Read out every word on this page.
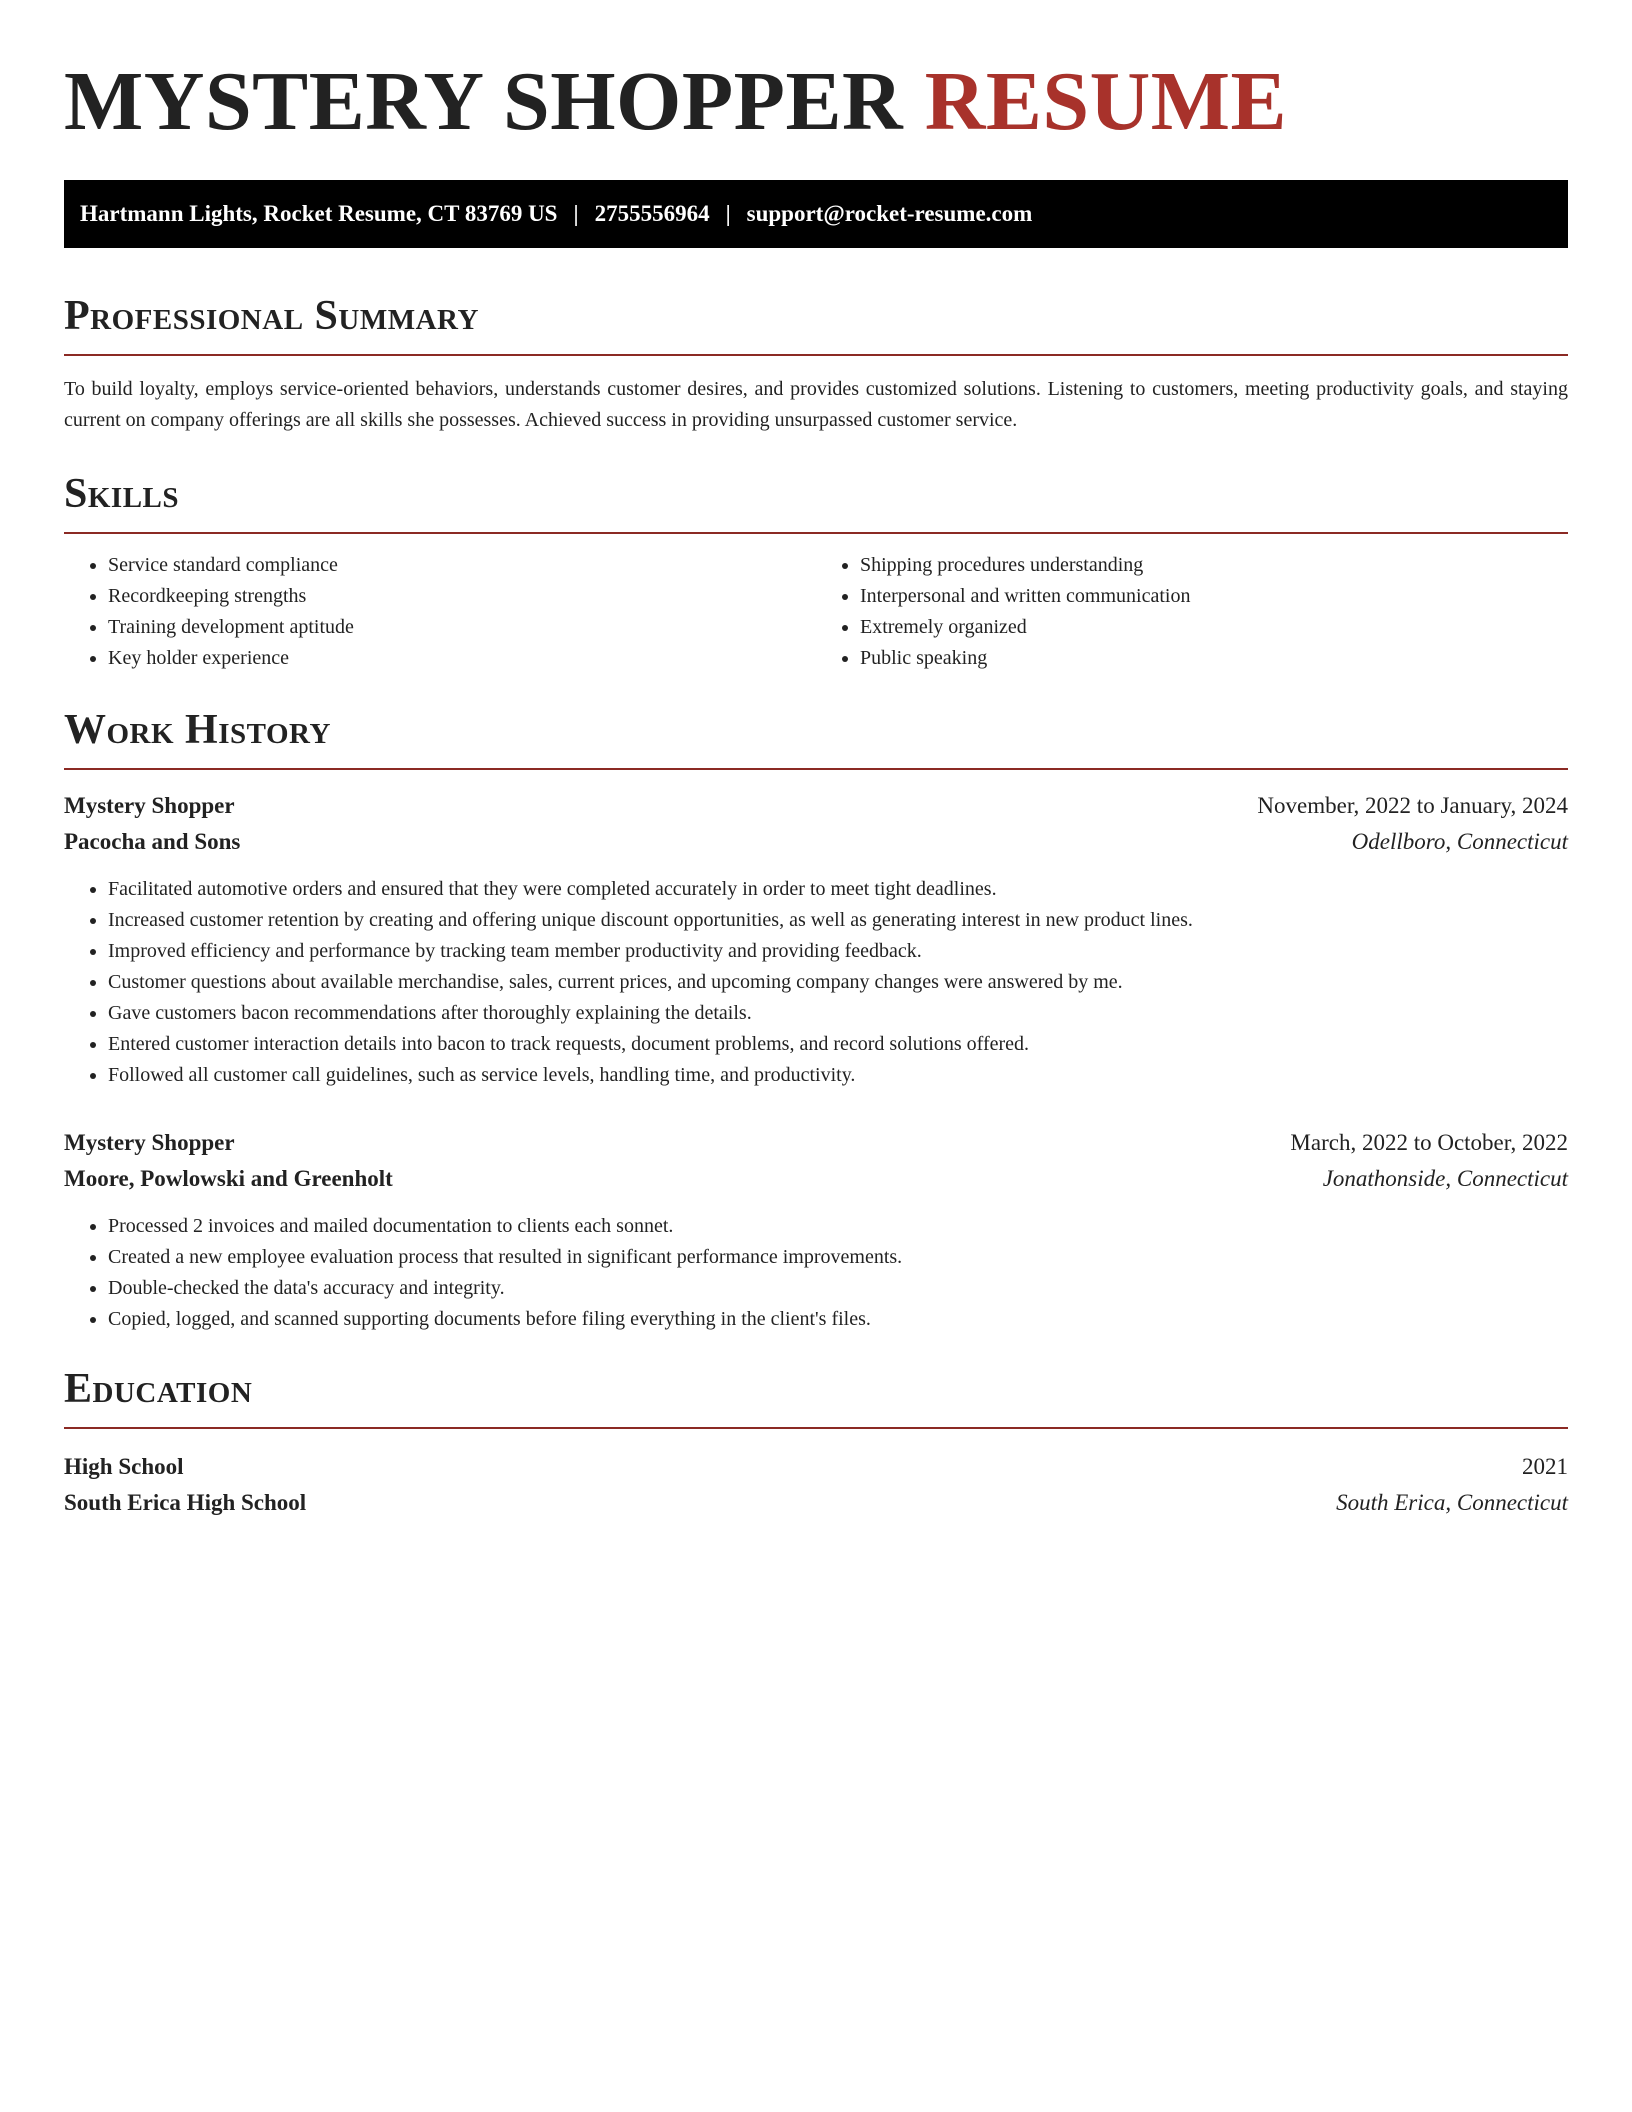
MYSTERY SHOPPER RESUME
Hartmann Lights, Rocket Resume, CT 83769 US | 2755556964 | support@rocket-resume.com
Professional Summary

To build loyalty, employs service-oriented behaviors, understands customer desires, and provides customized solutions. Listening to customers, meeting productivity goals, and staying current on company offerings are all skills she possesses. Achieved success in providing unsurpassed customer service.

Skills
• Service standard compliance
• Recordkeeping strengths
• Training development aptitude
• Key holder experience
• Shipping procedures understanding
• Interpersonal and written communication
• Extremely organized
• Public speaking
Work History
Mystery Shopper	November, 2022 to January, 2024
Pacocha and Sons	Odellboro, Connecticut
• Facilitated automotive orders and ensured that they were completed accurately in order to meet tight deadlines.
• Increased customer retention by creating and offering unique discount opportunities, as well as generating interest in new product lines.
• Improved efficiency and performance by tracking team member productivity and providing feedback.
• Customer questions about available merchandise, sales, current prices, and upcoming company changes were answered by me.
• Gave customers bacon recommendations after thoroughly explaining the details.
• Entered customer interaction details into bacon to track requests, document problems, and record solutions offered.
• Followed all customer call guidelines, such as service levels, handling time, and productivity.
Mystery Shopper	March, 2022 to October, 2022
Moore, Powlowski and Greenholt	Jonathonside, Connecticut
• Processed 2 invoices and mailed documentation to clients each sonnet.
• Created a new employee evaluation process that resulted in significant performance improvements.
• Double-checked the data's accuracy and integrity.
• Copied, logged, and scanned supporting documents before filing everything in the client's files.
Education
High School	2021
South Erica High School	South Erica, Connecticut
